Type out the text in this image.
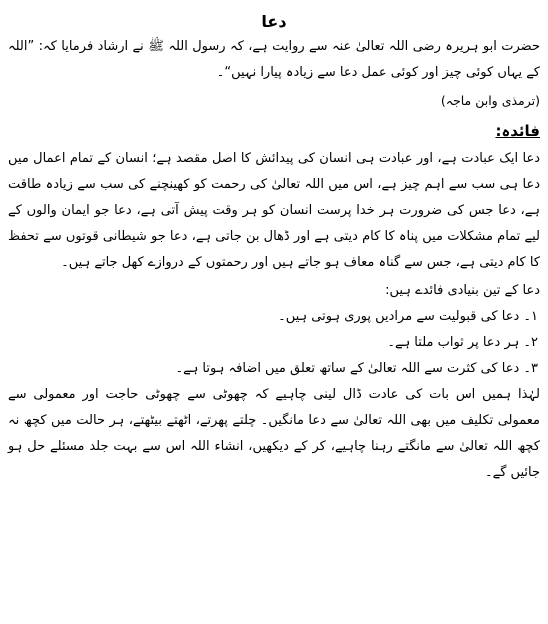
دعا

حضرت ابو ہریرہ رضی اللہ تعالیٰ عنہ سے روایت ہے، کہ رسول اللہ ﷺ نے ارشاد فرمایا کہ: ”اللہ کے یہاں کوئی چیز اور کوئی عمل دعا سے زیادہ پیارا نہیں“۔

(ترمذی وابن ماجہ)
فائدہ:

دعا ایک عبادت ہے، اور عبادت ہی انسان کی پیدائش کا اصل مقصد ہے؛ انسان کے تمام اعمال میں دعا ہی سب سے اہم چیز ہے، اس میں اللہ تعالیٰ کی رحمت کو کھینچنے کی سب سے زیادہ طاقت ہے، دعا جس کی ضرورت ہر خدا پرست انسان کو ہر وقت پیش آتی ہے، دعا جو ایمان والوں کے لیے تمام مشکلات میں پناہ کا کام دیتی ہے اور ڈھال بن جاتی ہے، دعا جو شیطانی قوتوں سے تحفظ کا کام دیتی ہے، جس سے گناہ معاف ہو جاتے ہیں اور رحمتوں کے دروازے کھل جاتے ہیں۔

دعا کے تین بنیادی فائدے ہیں:

۱۔ دعا کی قبولیت سے مرادیں پوری ہوتی ہیں۔

۲۔ ہر دعا پر ثواب ملتا ہے۔

۳۔ دعا کی کثرت سے اللہ تعالیٰ کے ساتھ تعلق میں اضافہ ہوتا ہے۔

لہٰذا ہمیں اس بات کی عادت ڈال لینی چاہیے کہ چھوٹی سے چھوٹی حاجت اور معمولی سے معمولی تکلیف میں بھی اللہ تعالیٰ سے دعا مانگیں۔ چلتے پھرتے، اٹھتے بیٹھتے، ہر حالت میں کچھ نہ کچھ اللہ تعالیٰ سے مانگتے رہنا چاہیے، کر کے دیکھیں، انشاء اللہ اس سے بہت جلد مسئلے حل ہو جائیں گے۔
